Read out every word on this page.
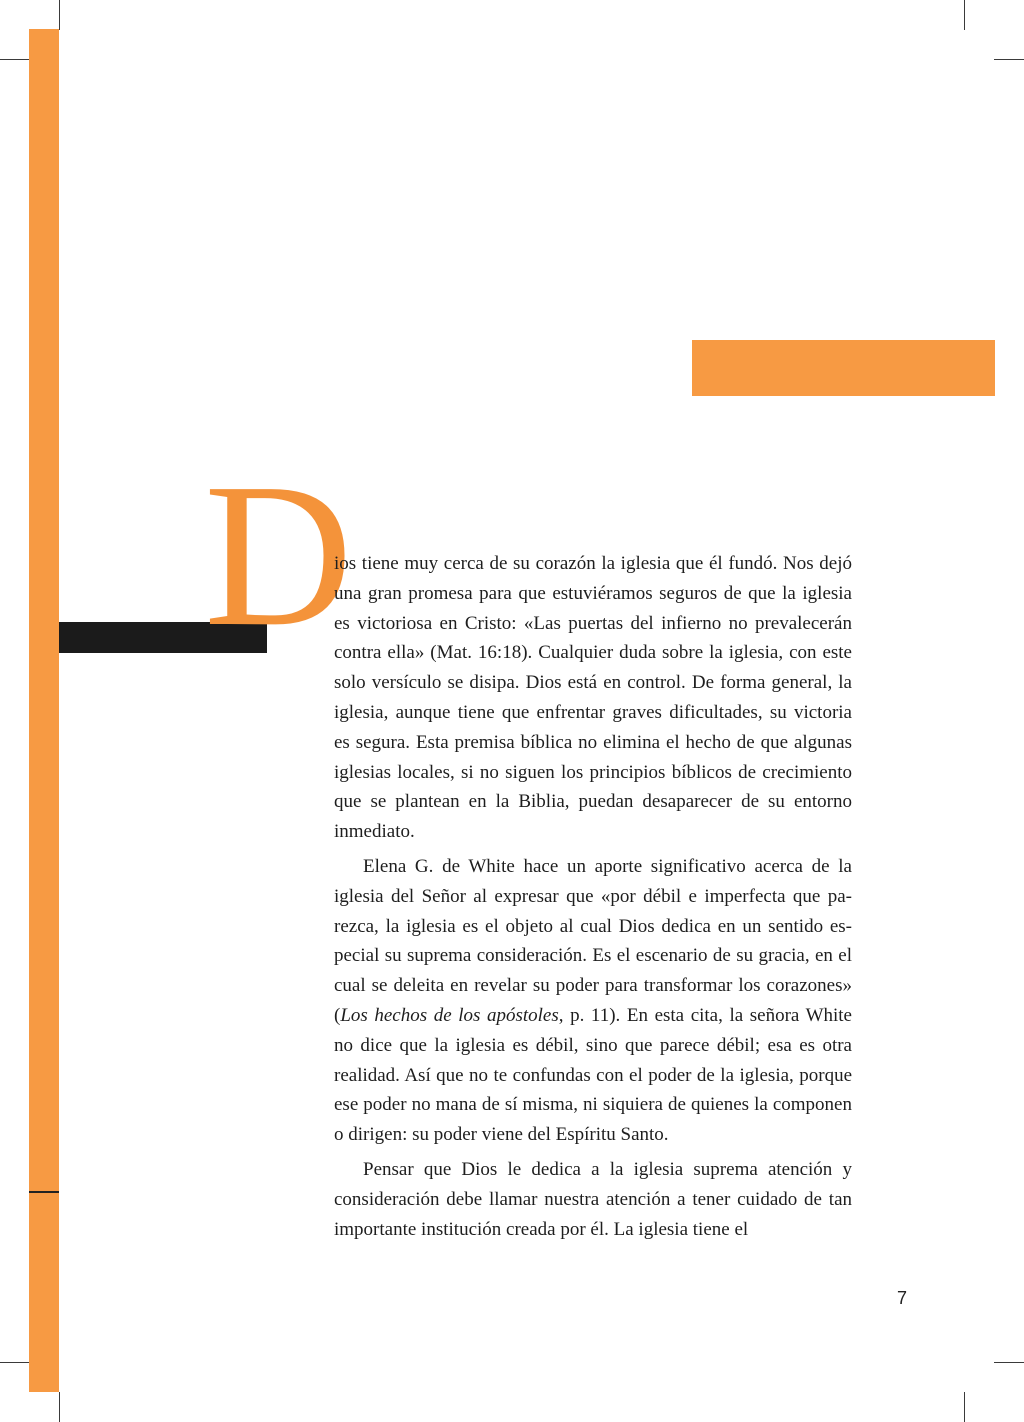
D

ios tiene muy cerca de su corazón la iglesia que él fundó. Nos dejó una gran promesa para que estuviéramos seguros de que la iglesia es victoriosa en Cristo: «Las puertas del infierno no prevalecerán contra ella» (Mat. 16:18). Cualquier duda sobre la iglesia, con este solo versículo se disipa. Dios está en control. De forma general, la iglesia, aunque tiene que enfrentar graves dificultades, su victoria es segura. Esta premisa bíblica no elimina el hecho de que algunas iglesias locales, si no siguen los principios bíblicos de crecimiento que se plantean en la Biblia, puedan desaparecer de su entorno inmediato.

Elena G. de White hace un aporte significativo acerca de la iglesia del Señor al expresar que «por débil e imperfecta que parezca, la iglesia es el objeto al cual Dios dedica en un sentido especial su suprema consideración. Es el escenario de su gracia, en el cual se deleita en revelar su poder para transformar los corazones» (Los hechos de los apóstoles, p. 11). En esta cita, la señora White no dice que la iglesia es débil, sino que parece débil; esa es otra realidad. Así que no te confundas con el poder de la iglesia, porque ese poder no mana de sí misma, ni siquiera de quienes la componen o dirigen: su poder viene del Espíritu Santo.

Pensar que Dios le dedica a la iglesia suprema atención y consideración debe llamar nuestra atención a tener cuidado de tan importante institución creada por él. La iglesia tiene el

7
